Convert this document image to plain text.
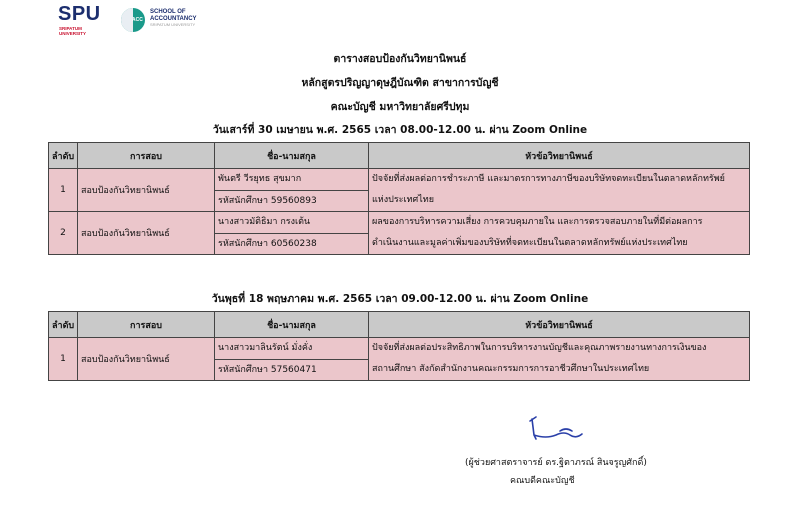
SPU
SRIPATUM
UNIVERSITY
ACC
SCHOOL OF
ACCOUNTANCY
SRIPATUM UNIVERSITY
ตารางสอบป้องกันวิทยานิพนธ์
หลักสูตรปริญญาดุษฎีบัณฑิต สาขาการบัญชี
คณะบัญชี มหาวิทยาลัยศรีปทุม
วันเสาร์ที่ 30 เมษายน พ.ศ. 2565 เวลา 08.00-12.00 น. ผ่าน Zoom Online
ลำดับ	การสอบ	ชื่อ-นามสกุล	หัวข้อวิทยานิพนธ์
1	สอบป้องกันวิทยานิพนธ์	พันตรี วีรยุทธ สุขมาก	ปัจจัยที่ส่งผลต่อการชำระภาษี และมาตรการทางภาษีของบริษัทจดทะเบียนในตลาดหลักทรัพย์
แห่งประเทศไทย

		รหัสนักศึกษา 59560893	
2	สอบป้องกันวิทยานิพนธ์	นางสาวมัติธิมา กรงเต้น	ผลของการบริหารความเสี่ยง การควบคุมภายใน และการตรวจสอบภายในที่มีต่อผลการ
ดำเนินงานและมูลค่าเพิ่มของบริษัทที่จดทะเบียนในตลาดหลักทรัพย์แห่งประเทศไทย

		รหัสนักศึกษา 60560238	
วันพุธที่ 18 พฤษภาคม พ.ศ. 2565 เวลา 09.00-12.00 น. ผ่าน Zoom Online
ลำดับ	การสอบ	ชื่อ-นามสกุล	หัวข้อวิทยานิพนธ์
1	สอบป้องกันวิทยานิพนธ์	นางสาวมาลินรัตน์ มั่งคั่ง	ปัจจัยที่ส่งผลต่อประสิทธิภาพในการบริหารงานบัญชีและคุณภาพรายงานทางการเงินของ
สถานศึกษา สังกัดสำนักงานคณะกรรมการการอาชีวศึกษาในประเทศไทย

		รหัสนักศึกษา 57560471	
(ผู้ช่วยศาสตราจารย์ ดร.ฐิตาภรณ์ สินจรูญศักดิ์)
คณบดีคณะบัญชี
